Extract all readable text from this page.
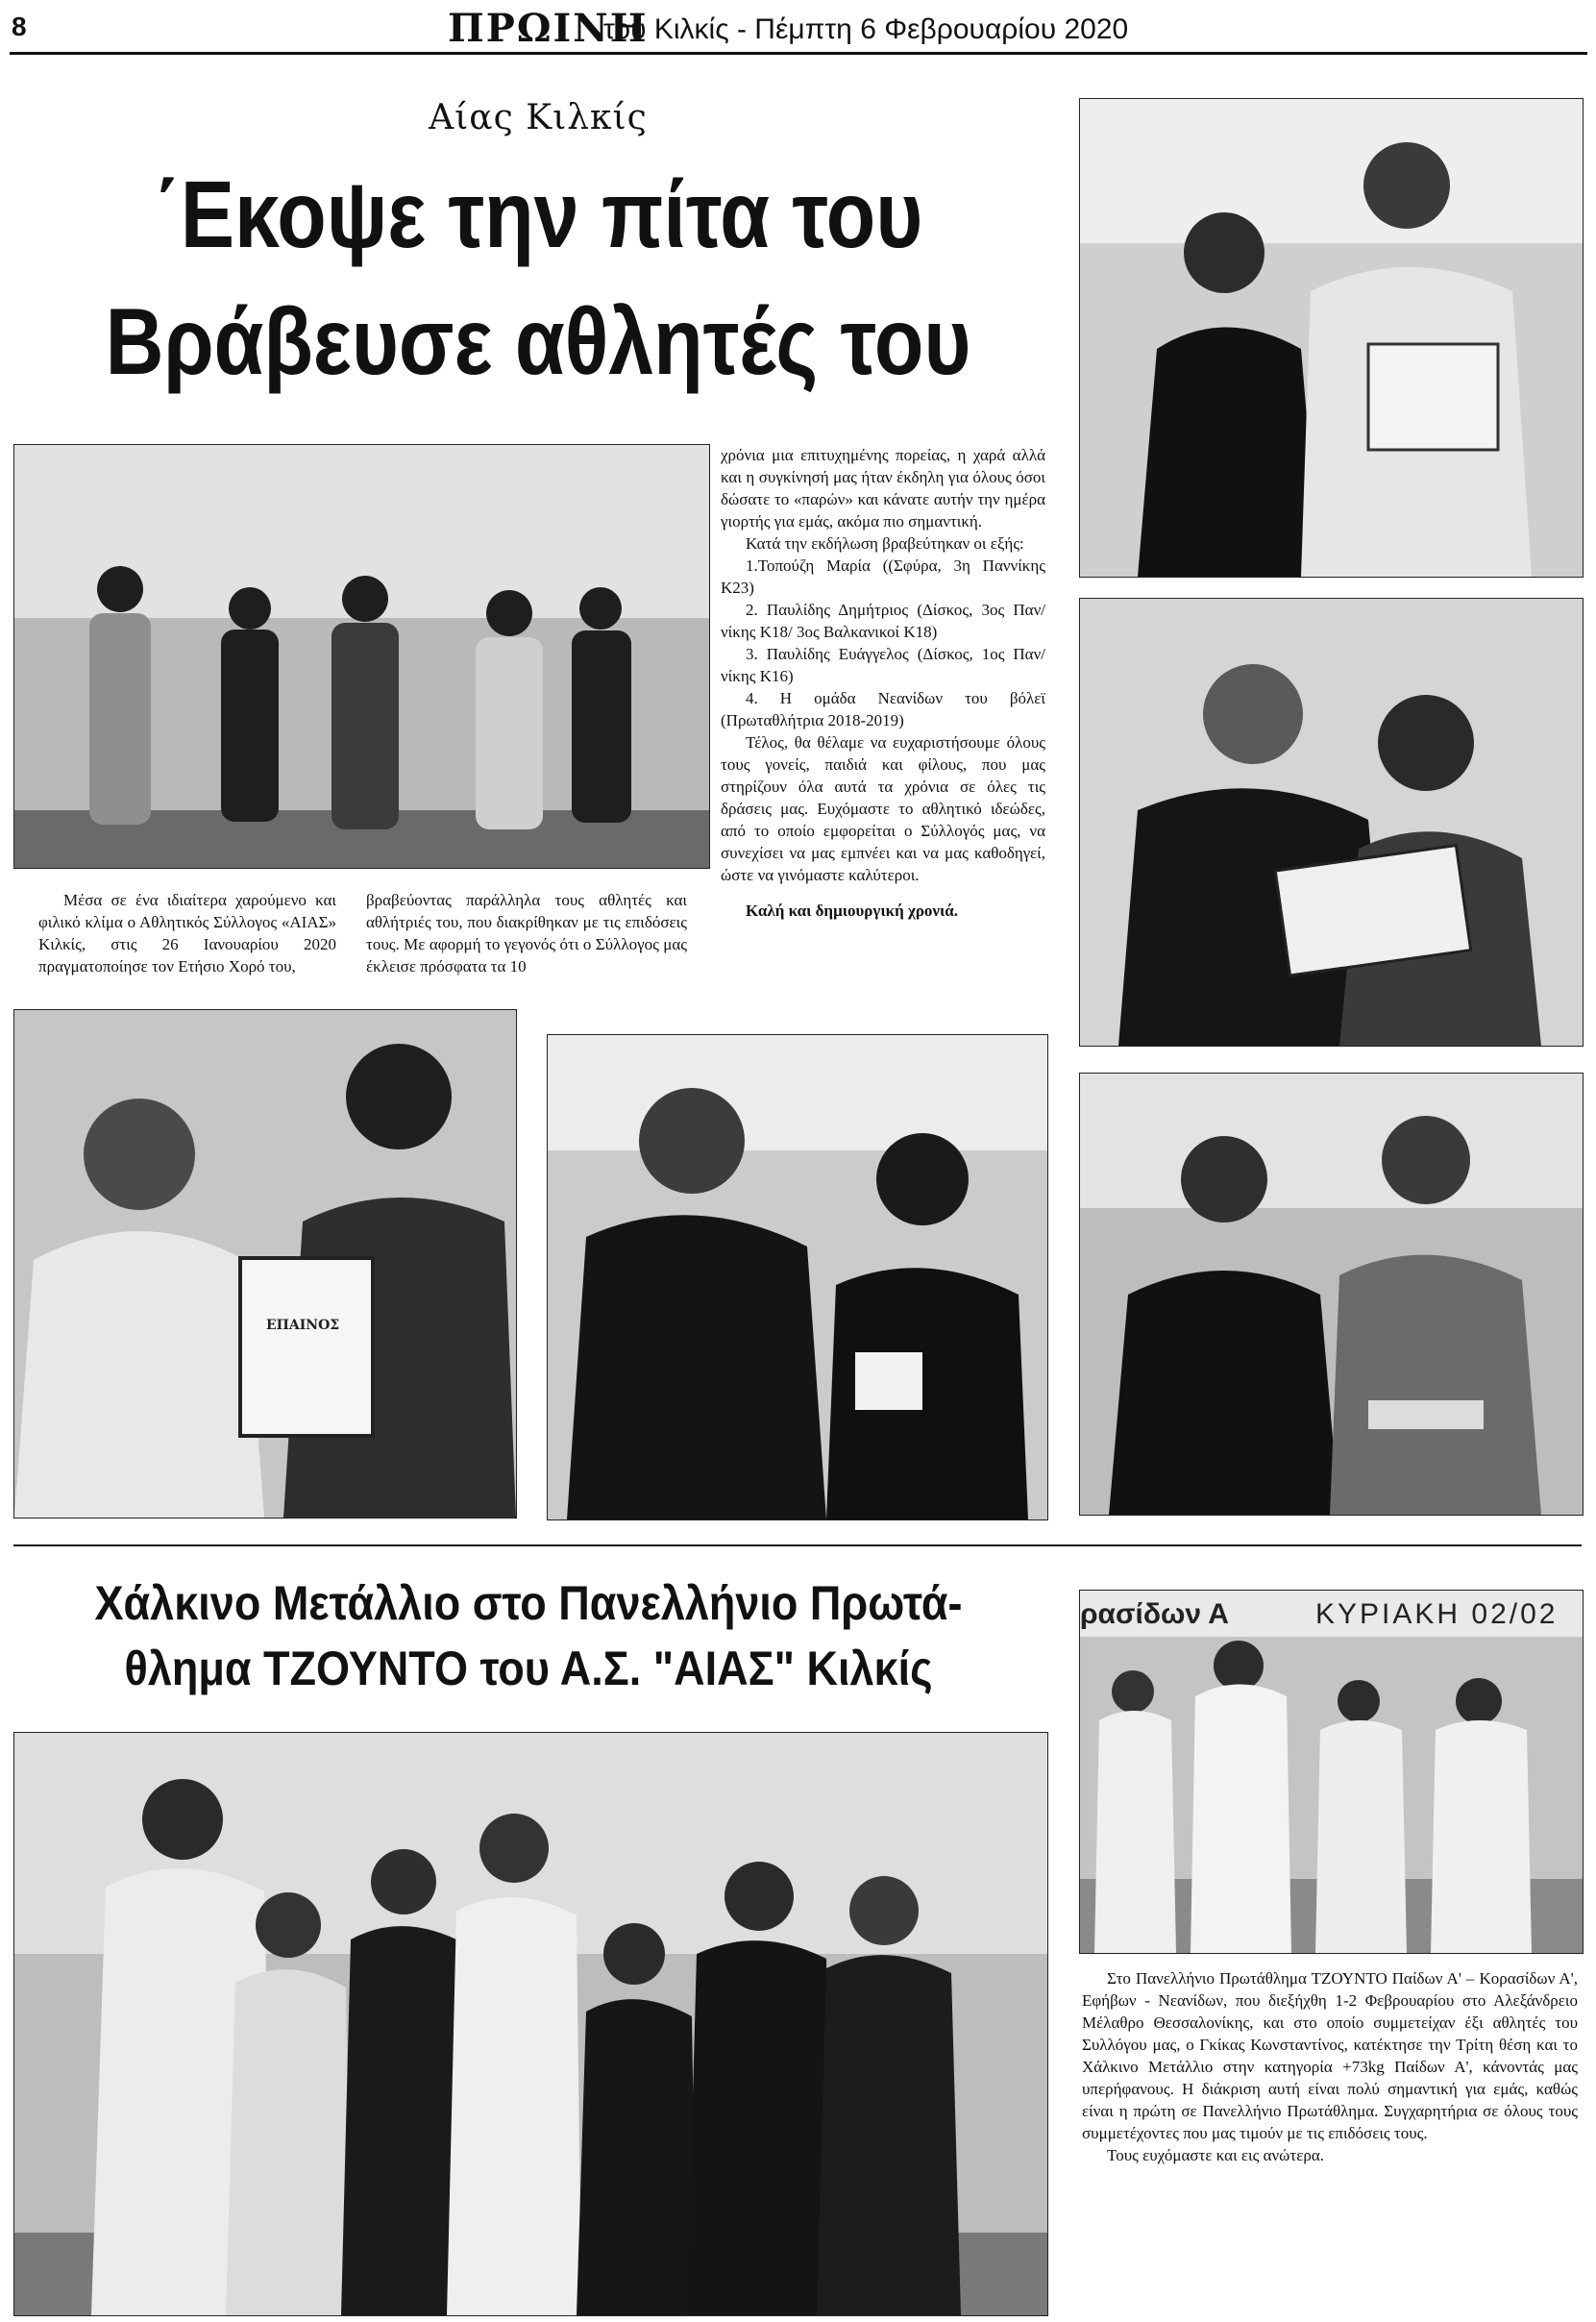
8	ΠΡΩΙΝΗ
του Κιλκίς - Πέμπτη 6 Φεβρουαρίου 2020
Αίας Κιλκίς
΄Εκοψε την πίτα του
Βράβευσε αθλητές του
ΕΠΑΙΝΟΣ

Μέσα σε ένα ιδιαίτερα χαρούμενο και φιλικό κλίμα ο Αθλητικός Σύλλογος «ΑΙΑΣ» Κιλκίς, στις 26 Ιανουαρίου 2020 πραγματοποίησε τον Ετήσιο Χορό του,

βραβεύοντας παράλληλα τους αθλητές και αθλήτριές του, που διακρίθηκαν με τις επιδόσεις τους. Με αφορμή το γεγονός ότι ο Σύλλογος μας έκλεισε πρόσφατα τα 10

χρόνια μια επιτυχημένης πορείας, η χαρά αλλά και η συγκίνησή μας ήταν έκδηλη για όλους όσοι δώσατε το «παρών» και κάνατε αυτήν την ημέρα γιορτής για εμάς, ακόμα πιο σημαντική.

Κατά την εκδήλωση βραβεύτηκαν οι εξής:

1.Τοπούζη Μαρία ((Σφύρα, 3η Παννίκης Κ23)

2. Παυλίδης Δημήτριος (Δίσκος, 3ος Παν/νίκης Κ18/ 3ος Βαλκανικοί Κ18)

3. Παυλίδης Ευάγγελος (Δίσκος, 1ος Παν/νίκης Κ16)

4. Η ομάδα Νεανίδων του βόλεϊ (Πρωταθλήτρια 2018-2019)

Τέλος, θα θέλαμε να ευχαριστήσουμε όλους τους γονείς, παιδιά και φίλους, που μας στηρίζουν όλα αυτά τα χρόνια σε όλες τις δράσεις μας. Ευχόμαστε το αθλητικό ιδεώδες, από το οποίο εμφορείται ο Σύλλογός μας, να συνεχίσει να μας εμπνέει και να μας καθοδηγεί, ώστε να γινόμαστε καλύτεροι.

Καλή και δημιουργική χρονιά.

Χάλκινο Μετάλλιο στο Πανελλήνιο Πρωτά-
θλημα ΤΖΟΥΝΤΟ του Α.Σ. "ΑΙΑΣ" Κιλκίς
ρασίδων Α	ΚΥΡΙΑΚΗ 02/02

Στο Πανελλήνιο Πρωτάθλημα ΤΖΟΥΝΤΟ Παίδων Α' – Κορασίδων Α', Εφήβων - Νεανίδων, που διεξήχθη 1-2 Φεβρουαρίου στο Αλεξάνδρειο Μέλαθρο Θεσσαλονίκης, και στο οποίο συμμετείχαν έξι αθλητές του Συλλόγου μας, ο Γκίκας Κωνσταντίνος, κατέκτησε την Τρίτη θέση και το Χάλκινο Μετάλλιο στην κατηγορία +73kg Παίδων Α', κάνοντάς μας υπερήφανους. Η διάκριση αυτή είναι πολύ σημαντική για εμάς, καθώς είναι η πρώτη σε Πανελλήνιο Πρωτάθλημα. Συγχαρητήρια σε όλους τους συμμετέχοντες που μας τιμούν με τις επιδόσεις τους.

Τους ευχόμαστε και εις ανώτερα.
